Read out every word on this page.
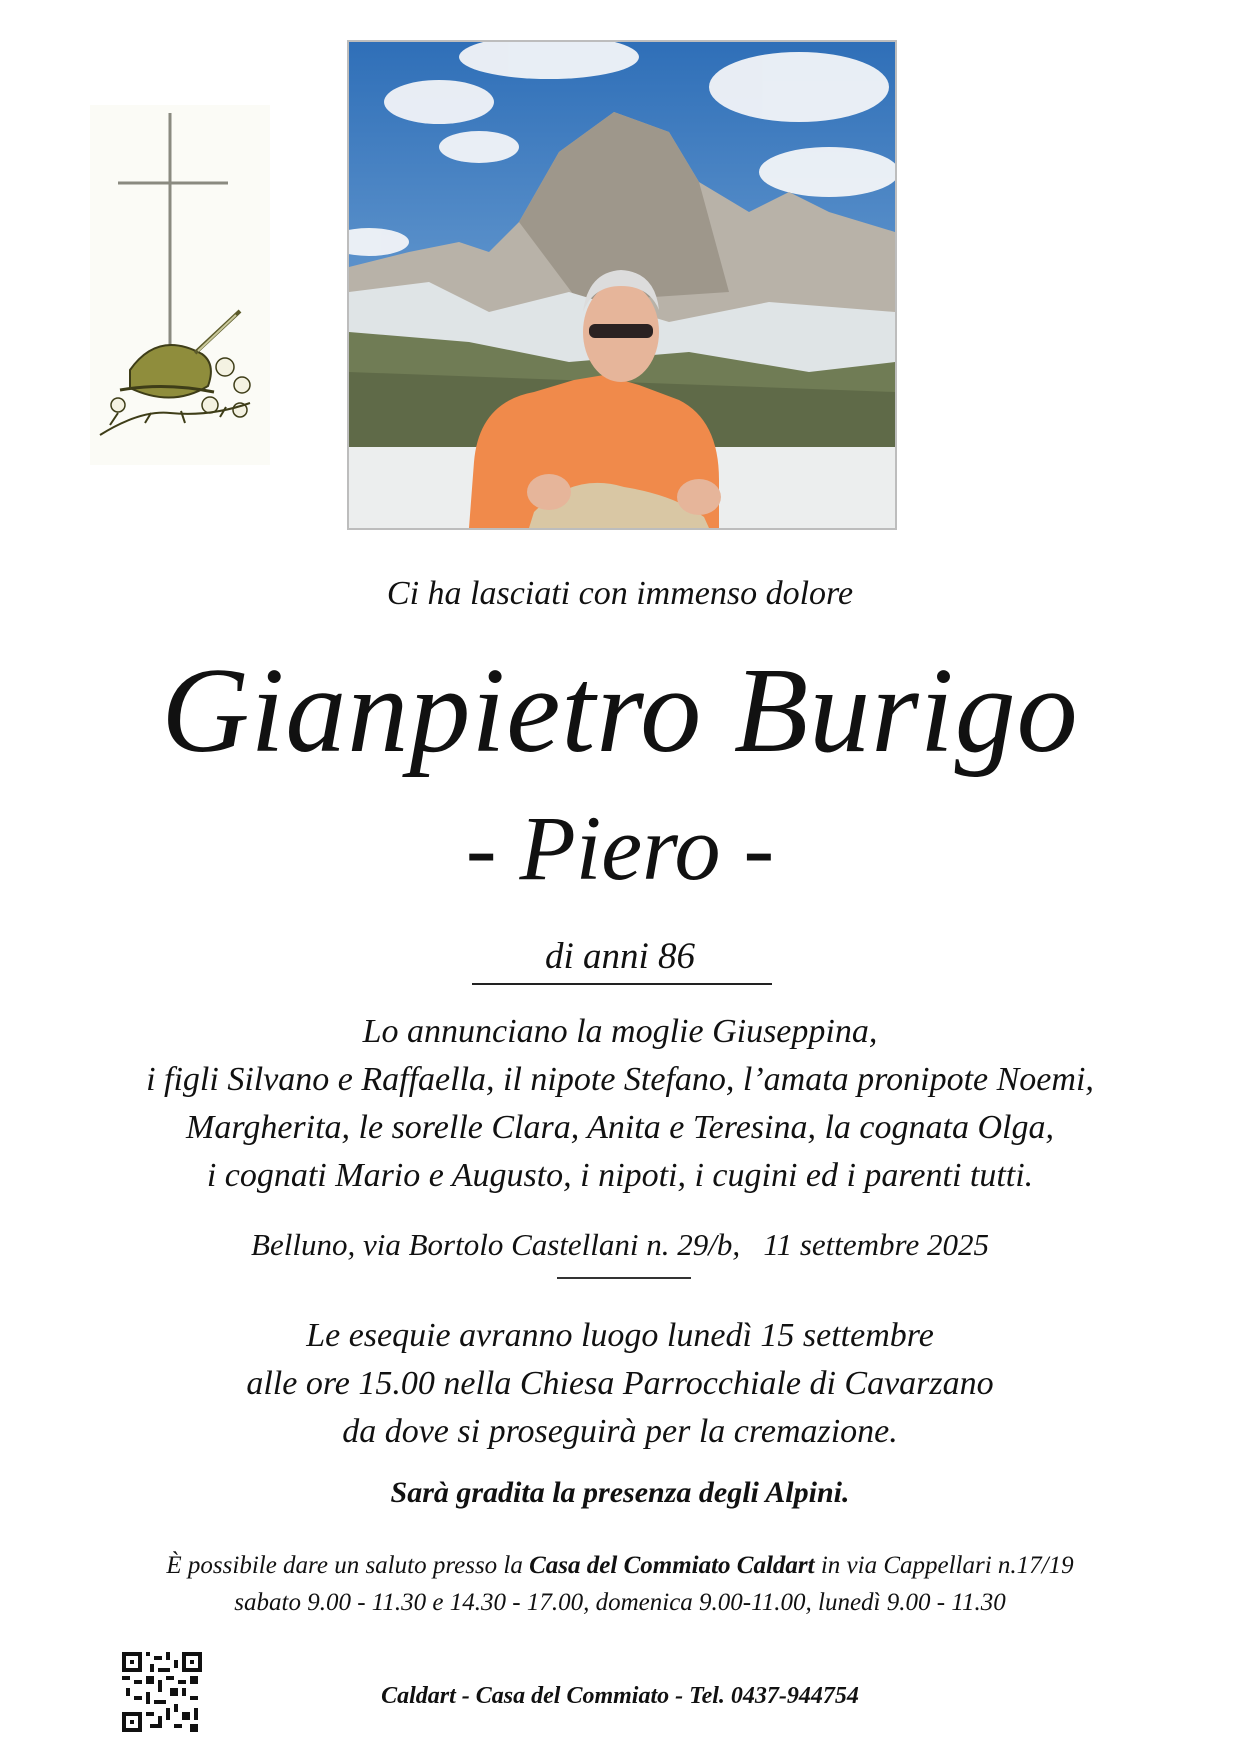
Ci ha lasciati con immenso dolore
Gianpietro Burigo
- Piero -
di anni 86
Lo annunciano la moglie Giuseppina,
i figli Silvano e Raffaella, il nipote Stefano, l’amata pronipote Noemi,
Margherita, le sorelle Clara, Anita e Teresina, la cognata Olga,
i cognati Mario e Augusto, i nipoti, i cugini ed i parenti tutti.
Belluno, via Bortolo Castellani n. 29/b,   11 settembre 2025
Le esequie avranno luogo lunedì 15 settembre
alle ore 15.00 nella Chiesa Parrocchiale di Cavarzano
da dove si proseguirà per la cremazione.
Sarà gradita la presenza degli Alpini.
È possibile dare un saluto presso la Casa del Commiato Caldart in via Cappellari n.17/19
sabato 9.00 - 11.30 e 14.30 - 17.00, domenica 9.00-11.00, lunedì 9.00 - 11.30
Caldart - Casa del Commiato - Tel. 0437-944754
